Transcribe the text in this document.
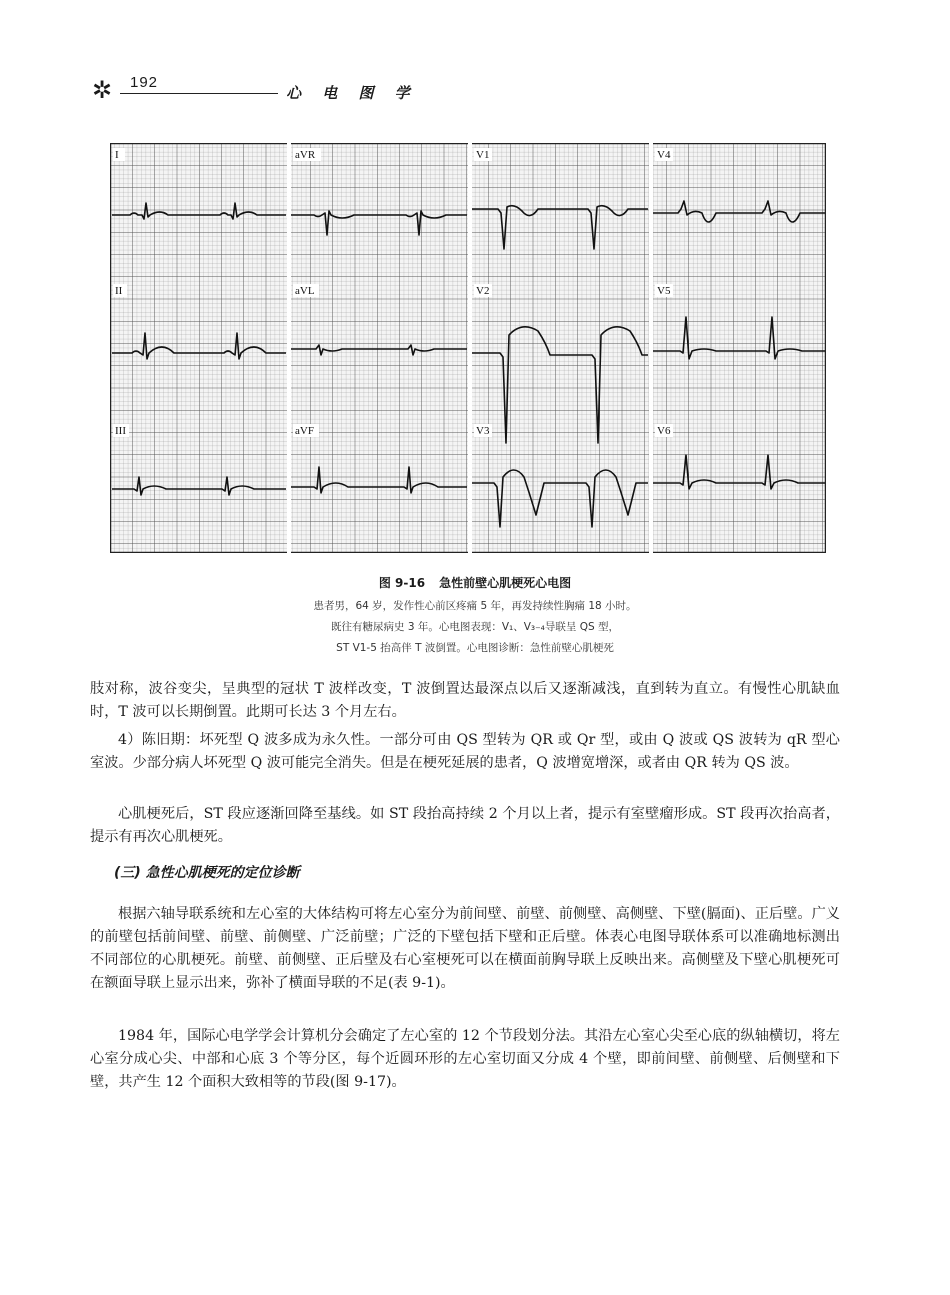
✲ 192
心 电 图 学
I
II
III
aVR
aVL
aVF
V1
V2
V3
V4
V5
V6
图 9-16 急性前壁心肌梗死心电图
患者男，64 岁，发作性心前区疼痛 5 年，再发持续性胸痛 18 小时。
既往有糖尿病史 3 年。心电图表现：V₁、V₃₋₄导联呈 QS 型，
ST V1-5 抬高伴 T 波倒置。心电图诊断：急性前壁心肌梗死

肢对称，波谷变尖，呈典型的冠状 T 波样改变，T 波倒置达最深点以后又逐渐减浅，直到转为直立。有慢性心肌缺血时，T 波可以长期倒置。此期可长达 3 个月左右。

4）陈旧期：坏死型 Q 波多成为永久性。一部分可由 QS 型转为 QR 或 Qr 型，或由 Q 波或 QS 波转为 qR 型心室波。少部分病人坏死型 Q 波可能完全消失。但是在梗死延展的患者，Q 波增宽增深，或者由 QR 转为 QS 波。

心肌梗死后，ST 段应逐渐回降至基线。如 ST 段抬高持续 2 个月以上者，提示有室壁瘤形成。ST 段再次抬高者，提示有再次心肌梗死。

(三) 急性心肌梗死的定位诊断

根据六轴导联系统和左心室的大体结构可将左心室分为前间壁、前壁、前侧壁、高侧壁、下壁(膈面)、正后壁。广义的前壁包括前间壁、前壁、前侧壁、广泛前壁；广泛的下壁包括下壁和正后壁。体表心电图导联体系可以准确地标测出不同部位的心肌梗死。前壁、前侧壁、正后壁及右心室梗死可以在横面前胸导联上反映出来。高侧壁及下壁心肌梗死可在额面导联上显示出来，弥补了横面导联的不足(表 9-1)。

1984 年，国际心电学学会计算机分会确定了左心室的 12 个节段划分法。其沿左心室心尖至心底的纵轴横切，将左心室分成心尖、中部和心底 3 个等分区，每个近圆环形的左心室切面又分成 4 个壁，即前间壁、前侧壁、后侧壁和下壁，共产生 12 个面积大致相等的节段(图 9-17)。
